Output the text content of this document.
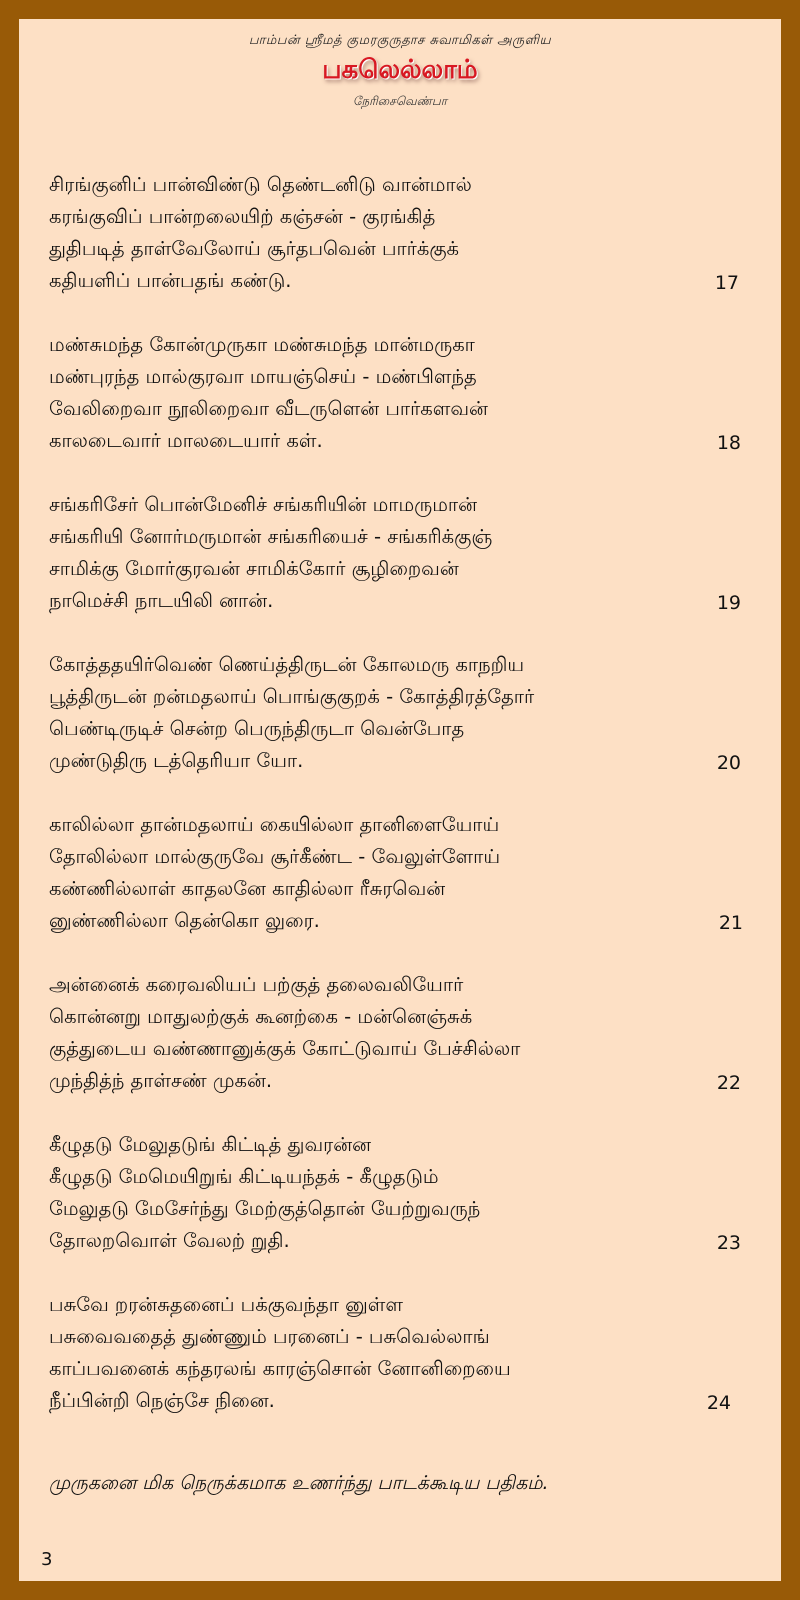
பாம்பன் ஸ்ரீமத் குமரகுருதாச சுவாமிகள் அருளிய
பகலெல்லாம்
நேரிசைவெண்பா
சிரங்குனிப் பான்விண்டு தெண்டனிடு வான்மால்
கரங்குவிப் பான்றலையிற் கஞ்சன் - குரங்கித்
துதிபடித் தாள்வேலோய் சூர்தபவென் பார்க்குக்
கதியளிப் பான்பதங் கண்டு.	17
மண்சுமந்த கோன்முருகா மண்சுமந்த மான்மருகா
மண்புரந்த மால்குரவா மாயஞ்செய் - மண்பிளந்த
வேலிறைவா நூலிறைவா வீடருளென் பார்களவன்
காலடைவார் மாலடையார் கள்.	18
சங்கரிசேர் பொன்மேனிச் சங்கரியின் மாமருமான்
சங்கரியி னோர்மருமான் சங்கரியைச் - சங்கரிக்குஞ்
சாமிக்கு மோர்குரவன் சாமிக்கோர் சூழிறைவன்
நாமெச்சி நாடயிலி னான்.	19
கோத்ததயிர்வெண் ணெய்த்திருடன் கோலமரு காநறிய
பூத்திருடன் றன்மதலாய் பொங்குகுறக் - கோத்திரத்தோர்
பெண்டிருடிச் சென்ற பெருந்திருடா வென்போத
முண்டுதிரு டத்தெரியா யோ.	20
காலில்லா தான்மதலாய் கையில்லா தானிளையோய்
தோலில்லா மால்குருவே சூர்கீண்ட - வேலுள்ளோய்
கண்ணில்லாள் காதலனே காதில்லா ரீசுரவென்
னுண்ணில்லா தென்கொ லுரை.	21
அன்னைக் கரைவலியப் பற்குத் தலைவலியோர்
கொன்னறு மாதுலற்குக் கூனற்கை - மன்னெஞ்சுக்
குத்துடைய வண்ணானுக்குக் கோட்டுவாய் பேச்சில்லா
முந்தித்ந் தாள்சண் முகன்.	22
கீழுதடு மேலுதடுங் கிட்டித் துவரன்ன
கீழுதடு மேமெயிறுங் கிட்டியந்தக் - கீழுதடும்
மேலுதடு மேசேர்ந்து மேற்குத்தொன் யேற்றுவருந்
தோலறவொள் வேலற் றுதி.	23
பசுவே றரன்சுதனைப் பக்குவந்தா னுள்ள
பசுவைவதைத் துண்ணும் பரனைப் - பசுவெல்லாங்
காப்பவனைக் கந்தரலங் காரஞ்சொன் னோனிறையை
நீப்பின்றி நெஞ்சே நினை.	24
முருகனை மிக நெருக்கமாக உணர்ந்து பாடக்கூடிய பதிகம்.
3
